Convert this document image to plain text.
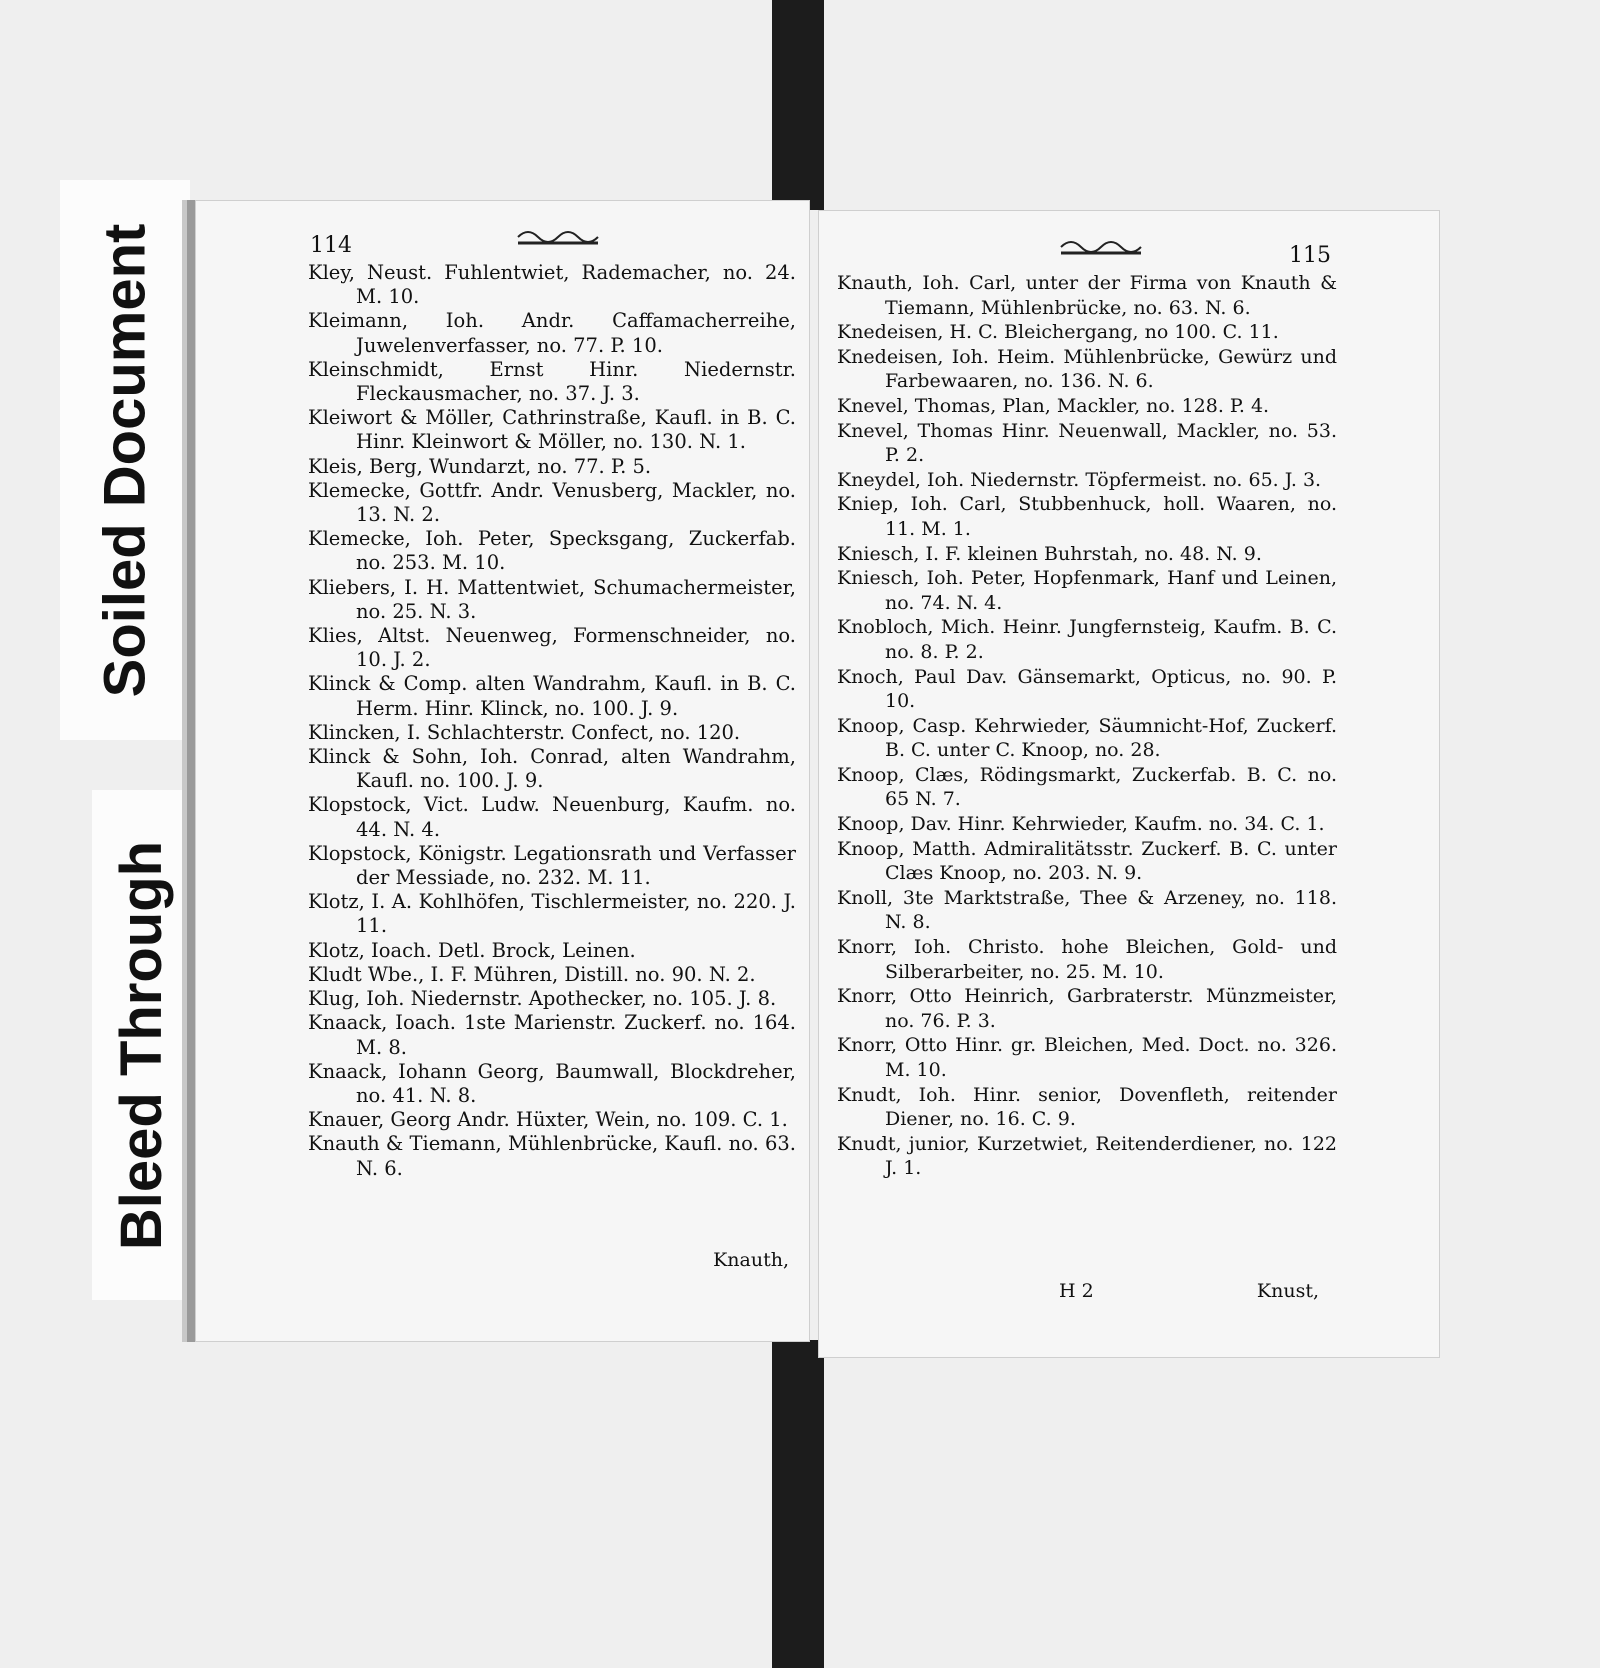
Soiled Document
Bleed Through
114

Kley, Neust. Fuhlentwiet, Rademacher, no. 24. M. 10.

Kleimann, Ioh. Andr. Caffamacherreihe, Juwelenverfasser, no. 77. P. 10.

Kleinschmidt, Ernst Hinr. Niedernstr. Fleckausmacher, no. 37. J. 3.

Kleiwort & Möller, Cathrinstraße, Kaufl. in B. C. Hinr. Kleinwort & Möller, no. 130. N. 1.

Kleis, Berg, Wundarzt, no. 77. P. 5.

Klemecke, Gottfr. Andr. Venusberg, Mackler, no. 13. N. 2.

Klemecke, Ioh. Peter, Specksgang, Zuckerfab. no. 253. M. 10.

Kliebers, I. H. Mattentwiet, Schumachermeister, no. 25. N. 3.

Klies, Altst. Neuenweg, Formenschneider, no. 10. J. 2.

Klinck & Comp. alten Wandrahm, Kaufl. in B. C. Herm. Hinr. Klinck, no. 100. J. 9.

Klincken, I. Schlachterstr. Confect, no. 120.

Klinck & Sohn, Ioh. Conrad, alten Wandrahm, Kaufl. no. 100. J. 9.

Klopstock, Vict. Ludw. Neuenburg, Kaufm. no. 44. N. 4.

Klopstock, Königstr. Legationsrath und Verfasser der Messiade, no. 232. M. 11.

Klotz, I. A. Kohlhöfen, Tischlermeister, no. 220. J. 11.

Klotz, Ioach. Detl. Brock, Leinen.

Kludt Wbe., I. F. Mühren, Distill. no. 90. N. 2.

Klug, Ioh. Niedernstr. Apothecker, no. 105. J. 8.

Knaack, Ioach. 1ste Marienstr. Zuckerf. no. 164. M. 8.

Knaack, Iohann Georg, Baumwall, Blockdreher, no. 41. N. 8.

Knauer, Georg Andr. Hüxter, Wein, no. 109. C. 1.

Knauth & Tiemann, Mühlenbrücke, Kaufl. no. 63. N. 6.

Knauth,
115

Knauth, Ioh. Carl, unter der Firma von Knauth & Tiemann, Mühlenbrücke, no. 63. N. 6.

Knedeisen, H. C. Bleichergang, no 100. C. 11.

Knedeisen, Ioh. Heim. Mühlenbrücke, Gewürz und Farbewaaren, no. 136. N. 6.

Knevel, Thomas, Plan, Mackler, no. 128. P. 4.

Knevel, Thomas Hinr. Neuenwall, Mackler, no. 53. P. 2.

Kneydel, Ioh. Niedernstr. Töpfermeist. no. 65. J. 3.

Kniep, Ioh. Carl, Stubbenhuck, holl. Waaren, no. 11. M. 1.

Kniesch, I. F. kleinen Buhrstah, no. 48. N. 9.

Kniesch, Ioh. Peter, Hopfenmark, Hanf und Leinen, no. 74. N. 4.

Knobloch, Mich. Heinr. Jungfernsteig, Kaufm. B. C. no. 8. P. 2.

Knoch, Paul Dav. Gänsemarkt, Opticus, no. 90. P. 10.

Knoop, Casp. Kehrwieder, Säumnicht-Hof, Zuckerf. B. C. unter C. Knoop, no. 28.

Knoop, Clæs, Rödingsmarkt, Zuckerfab. B. C. no. 65 N. 7.

Knoop, Dav. Hinr. Kehrwieder, Kaufm. no. 34. C. 1.

Knoop, Matth. Admiralitätsstr. Zuckerf. B. C. unter Clæs Knoop, no. 203. N. 9.

Knoll, 3te Marktstraße, Thee & Arzeney, no. 118. N. 8.

Knorr, Ioh. Christo. hohe Bleichen, Gold- und Silberarbeiter, no. 25. M. 10.

Knorr, Otto Heinrich, Garbraterstr. Münzmeister, no. 76. P. 3.

Knorr, Otto Hinr. gr. Bleichen, Med. Doct. no. 326. M. 10.

Knudt, Ioh. Hinr. senior, Dovenfleth, reitender Diener, no. 16. C. 9.

Knudt, junior, Kurzetwiet, Reitenderdiener, no. 122 J. 1.

H 2	Knust,
